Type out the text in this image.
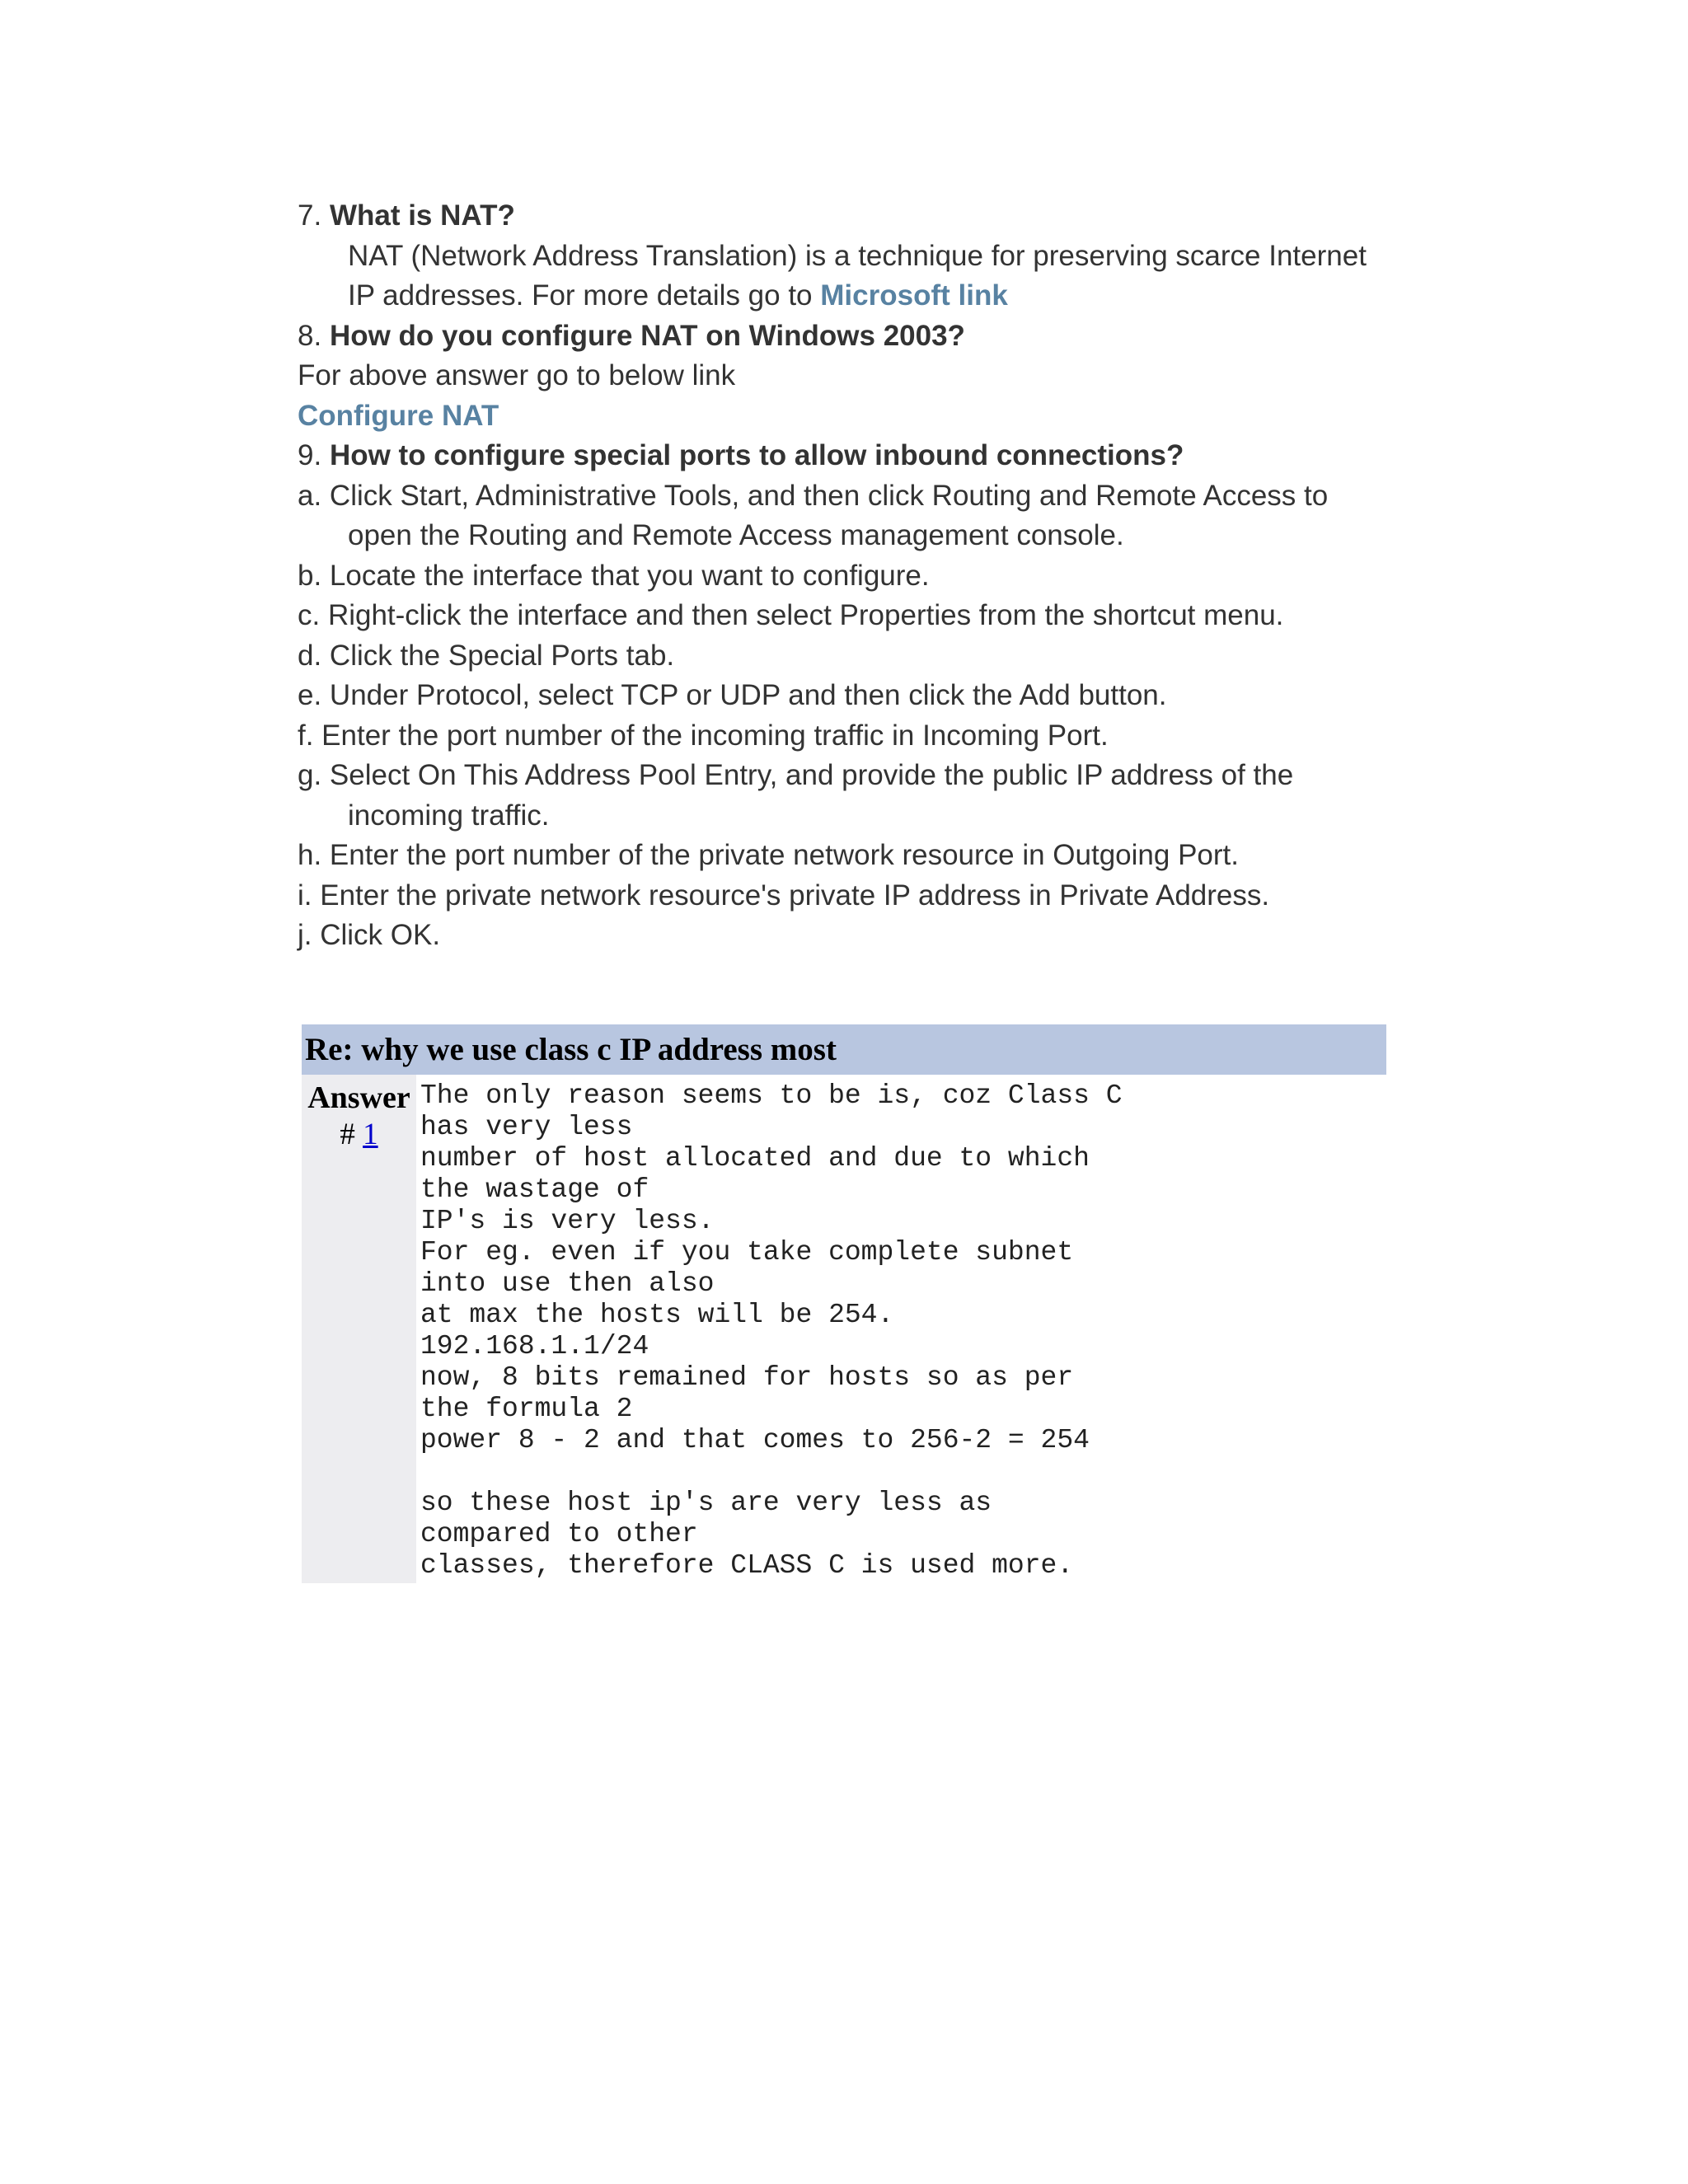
7. What is NAT?
NAT (Network Address Translation) is a technique for preserving scarce Internet
IP addresses. For more details go to Microsoft link
8. How do you configure NAT on Windows 2003?
For above answer go to below link
Configure NAT
9. How to configure special ports to allow inbound connections?
a. Click Start, Administrative Tools, and then click Routing and Remote Access to
open the Routing and Remote Access management console.
b. Locate the interface that you want to configure.
c. Right-click the interface and then select Properties from the shortcut menu.
d. Click the Special Ports tab.
e. Under Protocol, select TCP or UDP and then click the Add button.
f. Enter the port number of the incoming traffic in Incoming Port.
g. Select On This Address Pool Entry, and provide the public IP address of the
incoming traffic.
h. Enter the port number of the private network resource in Outgoing Port.
i. Enter the private network resource's private IP address in Private Address.
j. Click OK.
Re: why we use class c IP address most
Answer
# 1
The only reason seems to be is, coz Class C
has very less
number of host allocated and due to which
the wastage of
IP's is very less.
For eg. even if you take complete subnet
into use then also
at max the hosts will be 254.
192.168.1.1/24
now, 8 bits remained for hosts so as per
the formula 2
power 8 - 2 and that comes to 256-2 = 254

so these host ip's are very less as
compared to other
classes, therefore CLASS C is used more.
